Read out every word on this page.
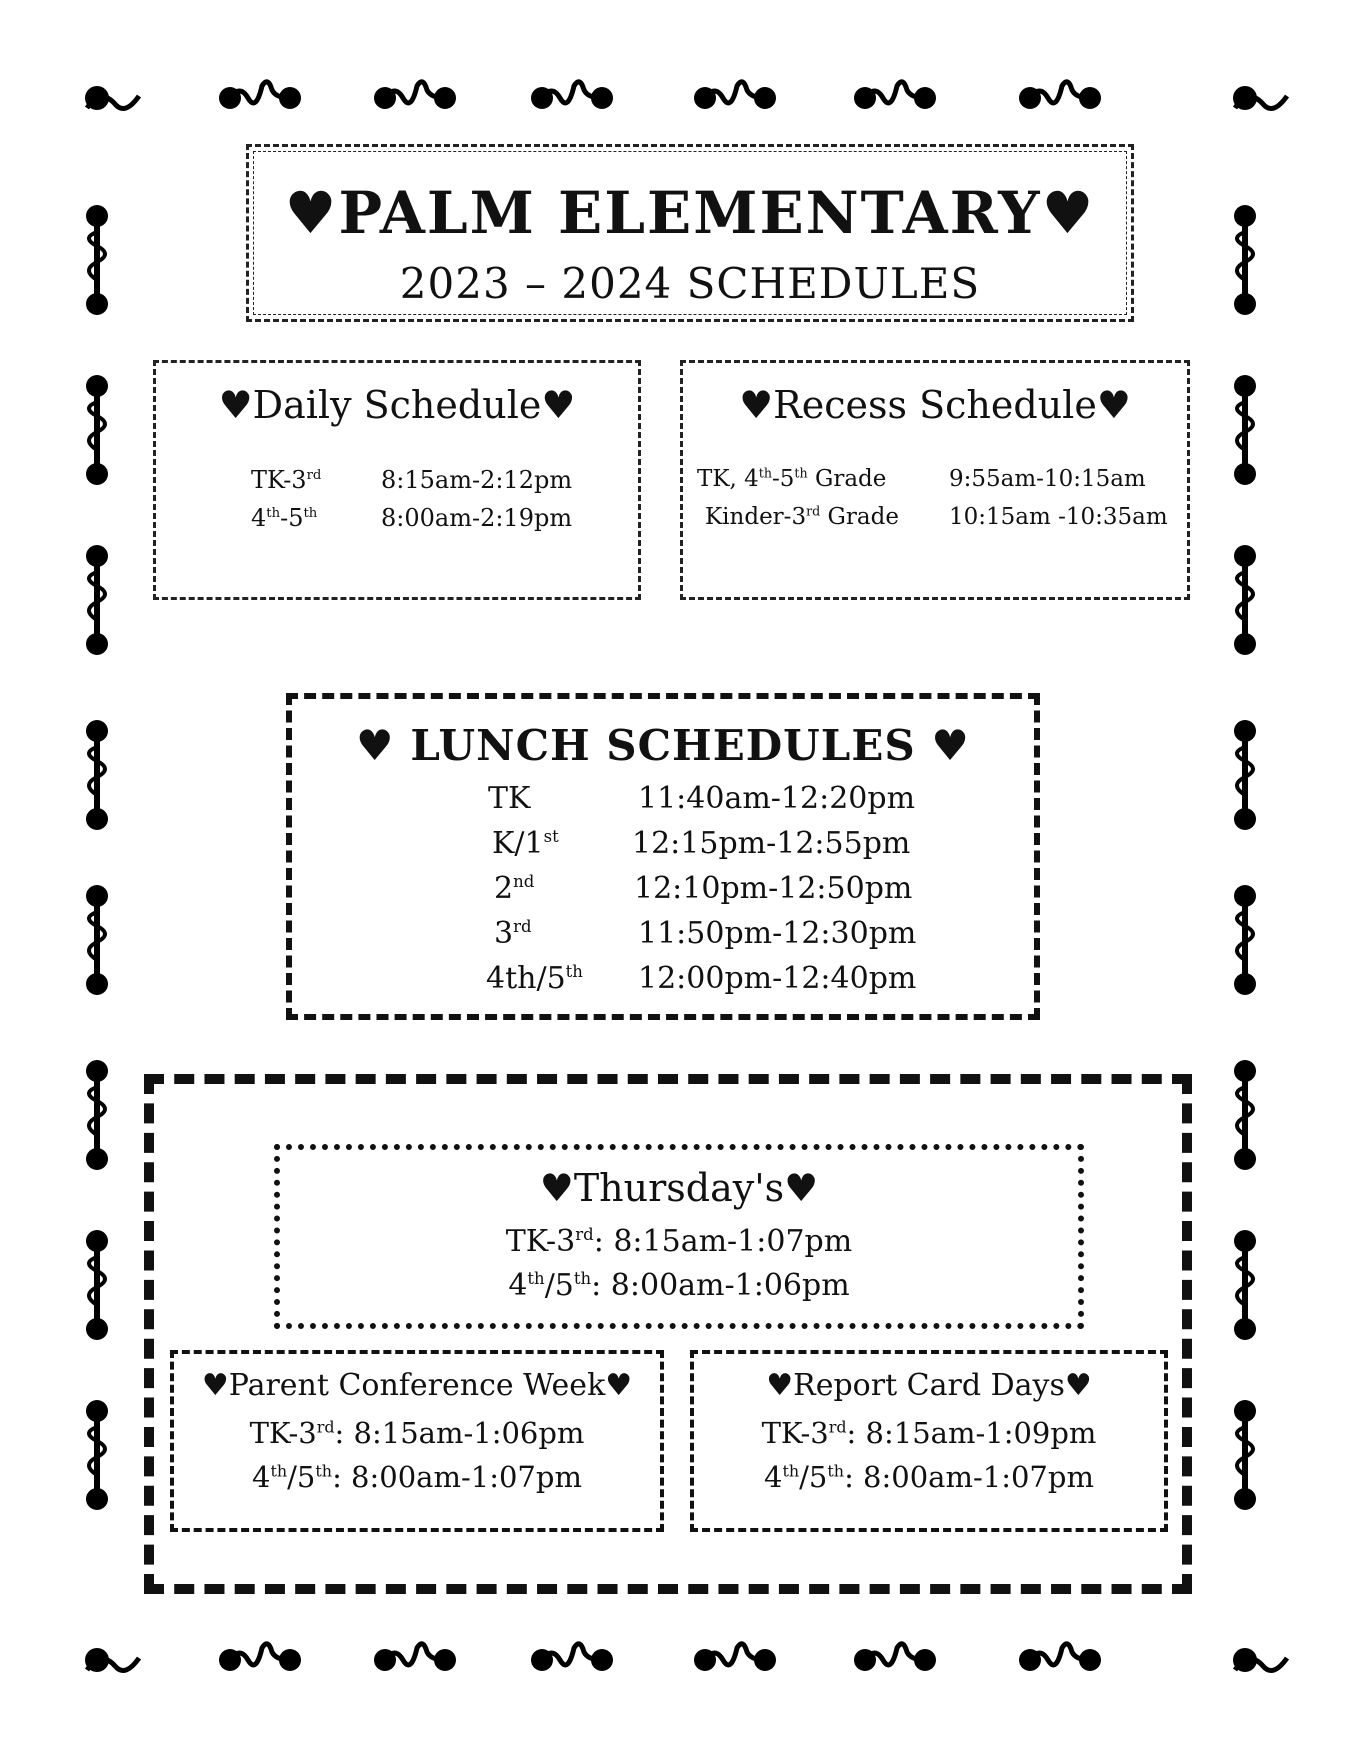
♥PALM ELEMENTARY♥
2023 – 2024 SCHEDULES
♥Daily Schedule♥
TK-3rd 8:15am-2:12pm
4th-5th	8:00am-2:19pm
♥Recess Schedule♥
TK, 4th-5th Grade	9:55am-10:15am
Kinder-3rd Grade 10:15am -10:35am
♥ LUNCH SCHEDULES ♥
TK	11:40am-12:20pm
K/1st 12:15pm-12:55pm
2nd	12:10pm-12:50pm
3rd	11:50pm-12:30pm
4th/5th 12:00pm-12:40pm
♥Thursday's♥
TK-3rd: 8:15am-1:07pm
4th/5th: 8:00am-1:06pm
♥Parent Conference Week♥
TK-3rd: 8:15am-1:06pm
4th/5th: 8:00am-1:07pm
♥Report Card Days♥
TK-3rd: 8:15am-1:09pm
4th/5th: 8:00am-1:07pm
